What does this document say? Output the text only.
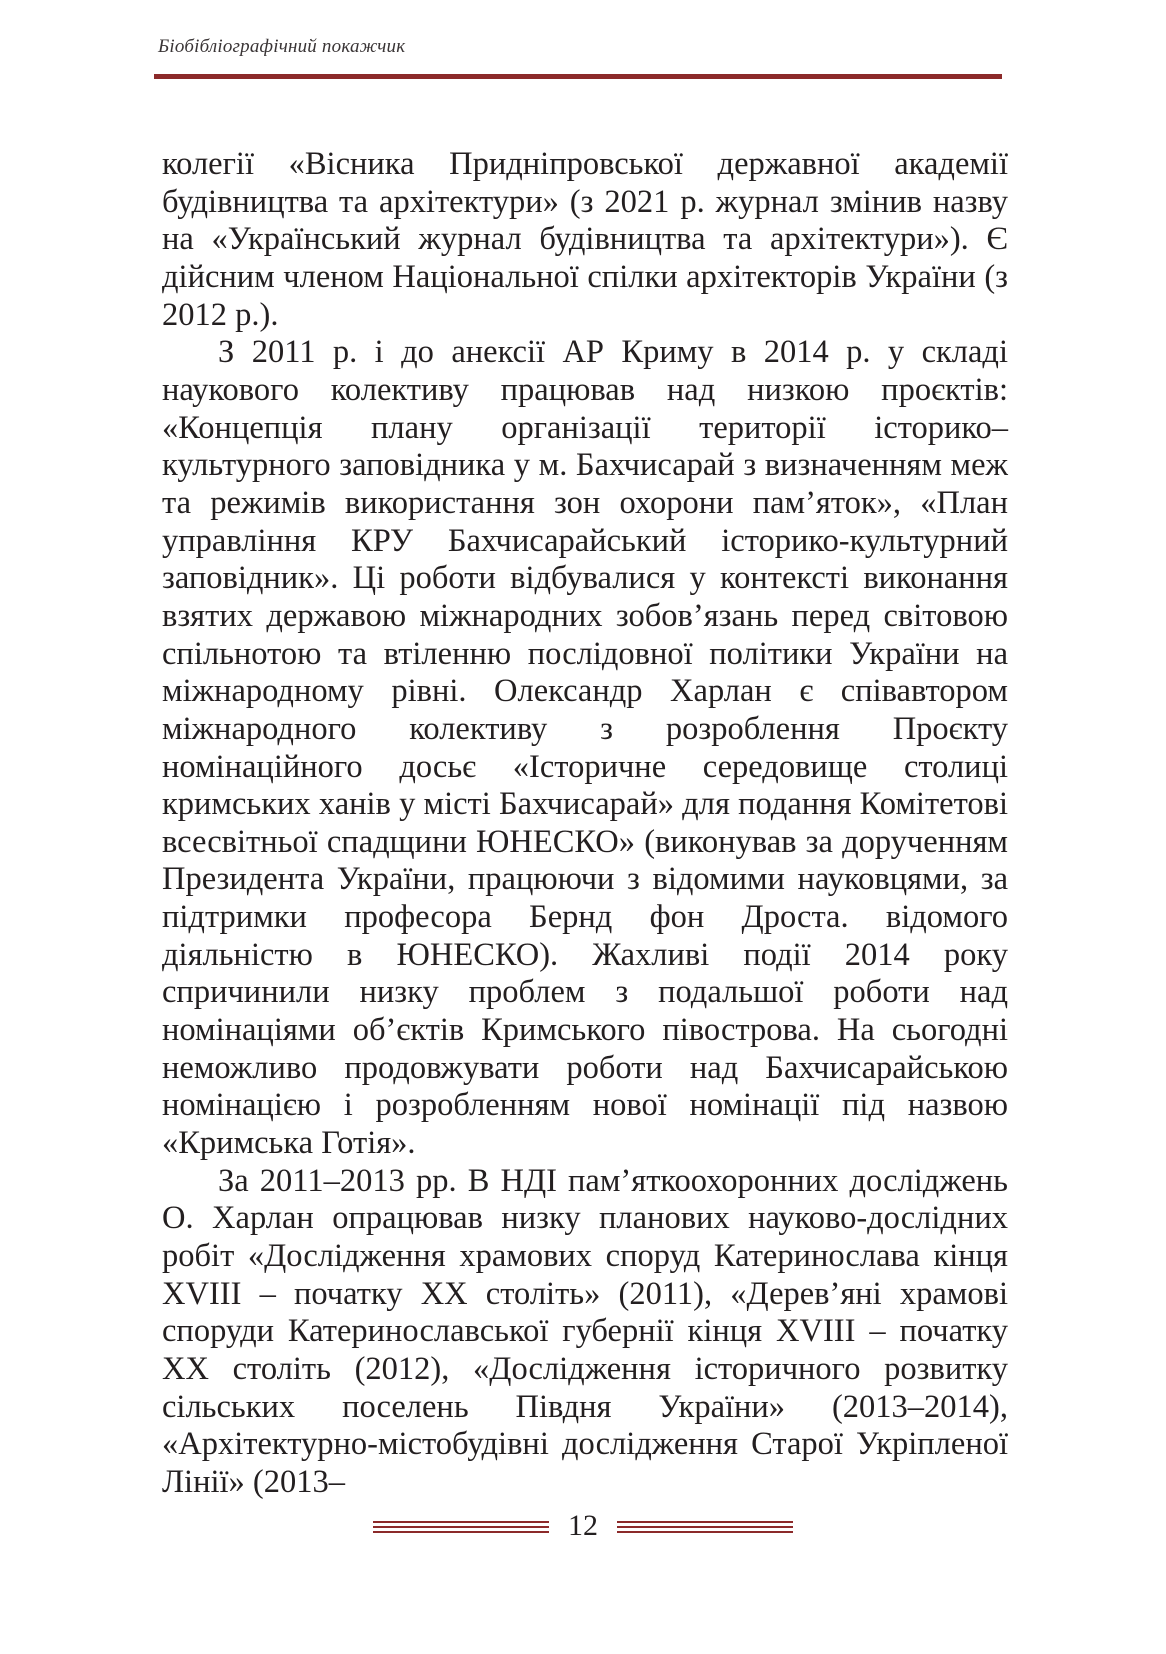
Біобібліографічний покажчик

колегії «Вісника Придніпровської державної академії будівництва та архітектури» (з 2021 р. журнал змінив назву на «Український журнал будівництва та архітектури»). Є дійсним членом Національної спілки архітекторів України (з 2012 р.).

З 2011 р. і до анексії АР Криму в 2014 р. у складі наукового колективу працював над низкою проєктів: «Концепція плану організації території історико–культурного заповідника у м. Бахчисарай з визначенням меж та режимів використання зон охорони пам’яток», «План управління КРУ Бахчисарайський історико-культурний заповідник». Ці роботи відбувалися у контексті виконання взятих державою міжнародних зобов’язань перед світовою спільнотою та втіленню послідовної політики України на міжнародному рівні. Олександр Харлан є співавтором міжнародного колективу з розроблення Проєкту номінаційного досьє «Історичне середовище столиці кримських ханів у місті Бахчисарай» для подання Комітетові всесвітньої спадщини ЮНЕСКО» (виконував за дорученням Президента України, працюючи з відомими науковцями, за підтримки професора Бернд фон Дроста. відомого діяльністю в ЮНЕСКО). Жахливі події 2014 року спричинили низку проблем з подальшої роботи над номінаціями об’єктів Кримського півострова. На сьогодні неможливо продовжувати роботи над Бахчисарайською номінацією і розробленням нової номінації під назвою «Кримська Готія».

За 2011–2013 рр. В НДІ пам’яткоохоронних досліджень О. Харлан опрацював низку планових науково-дослідних робіт «Дослідження храмових споруд Катеринослава кінця XVIII – початку XX століть» (2011), «Дерев’яні храмові споруди Катеринославської губернії кінця XVIII – початку XX століть (2012), «Дослідження історичного розвитку сільських поселень Півдня України» (2013–2014), «Архітектурно-містобудівні дослідження Старої Укріпленої Лінії» (2013–

12
